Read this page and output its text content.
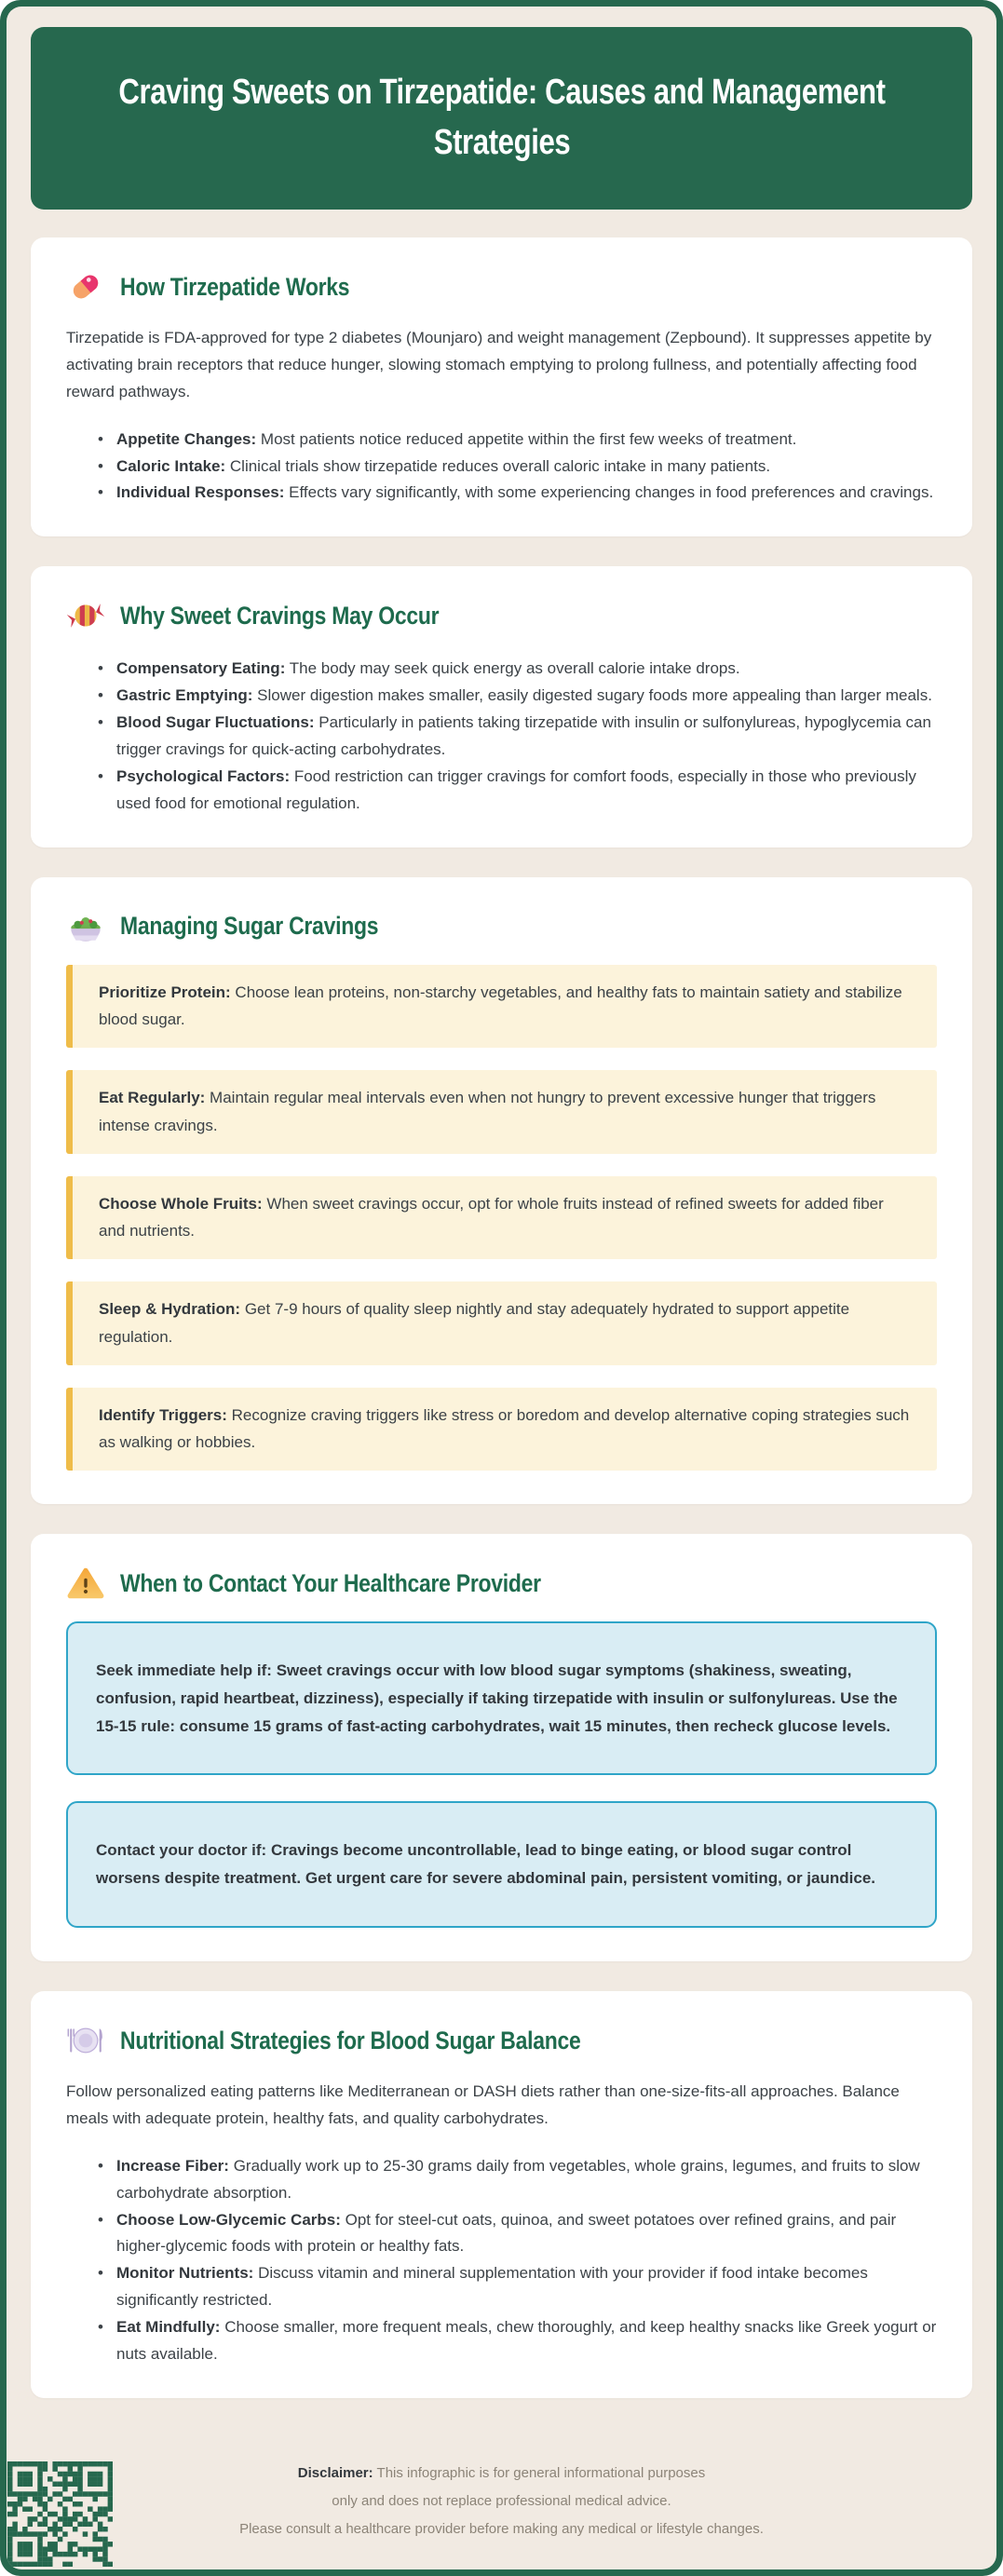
Craving Sweets on Tirzepatide: Causes and Management Strategies
How Tirzepatide Works

Tirzepatide is FDA-approved for type 2 diabetes (Mounjaro) and weight management (Zepbound). It suppresses appetite by activating brain receptors that reduce hunger, slowing stomach emptying to prolong fullness, and potentially affecting food reward pathways.

• Appetite Changes: Most patients notice reduced appetite within the first few weeks of treatment.
• Caloric Intake: Clinical trials show tirzepatide reduces overall caloric intake in many patients.
• Individual Responses: Effects vary significantly, with some experiencing changes in food preferences and cravings.
Why Sweet Cravings May Occur
• Compensatory Eating: The body may seek quick energy as overall calorie intake drops.
• Gastric Emptying: Slower digestion makes smaller, easily digested sugary foods more appealing than larger meals.
• Blood Sugar Fluctuations: Particularly in patients taking tirzepatide with insulin or sulfonylureas, hypoglycemia can trigger cravings for quick-acting carbohydrates.
• Psychological Factors: Food restriction can trigger cravings for comfort foods, especially in those who previously used food for emotional regulation.
Managing Sugar Cravings
Prioritize Protein: Choose lean proteins, non-starchy vegetables, and healthy fats to maintain satiety and stabilize blood sugar.
Eat Regularly: Maintain regular meal intervals even when not hungry to prevent excessive hunger that triggers intense cravings.
Choose Whole Fruits: When sweet cravings occur, opt for whole fruits instead of refined sweets for added fiber and nutrients.
Sleep & Hydration: Get 7-9 hours of quality sleep nightly and stay adequately hydrated to support appetite regulation.
Identify Triggers: Recognize craving triggers like stress or boredom and develop alternative coping strategies such as walking or hobbies.
When to Contact Your Healthcare Provider
Seek immediate help if: Sweet cravings occur with low blood sugar symptoms (shakiness, sweating, confusion, rapid heartbeat, dizziness), especially if taking tirzepatide with insulin or sulfonylureas. Use the 15-15 rule: consume 15 grams of fast-acting carbohydrates, wait 15 minutes, then recheck glucose levels.
Contact your doctor if: Cravings become uncontrollable, lead to binge eating, or blood sugar control worsens despite treatment. Get urgent care for severe abdominal pain, persistent vomiting, or jaundice.
Nutritional Strategies for Blood Sugar Balance

Follow personalized eating patterns like Mediterranean or DASH diets rather than one-size-fits-all approaches. Balance meals with adequate protein, healthy fats, and quality carbohydrates.

• Increase Fiber: Gradually work up to 25-30 grams daily from vegetables, whole grains, legumes, and fruits to slow carbohydrate absorption.
• Choose Low-Glycemic Carbs: Opt for steel-cut oats, quinoa, and sweet potatoes over refined grains, and pair higher-glycemic foods with protein or healthy fats.
• Monitor Nutrients: Discuss vitamin and mineral supplementation with your provider if food intake becomes significantly restricted.
• Eat Mindfully: Choose smaller, more frequent meals, chew thoroughly, and keep healthy snacks like Greek yogurt or nuts available.
Disclaimer: This infographic is for general informational purposes
only and does not replace professional medical advice.
Please consult a healthcare provider before making any medical or lifestyle changes.
